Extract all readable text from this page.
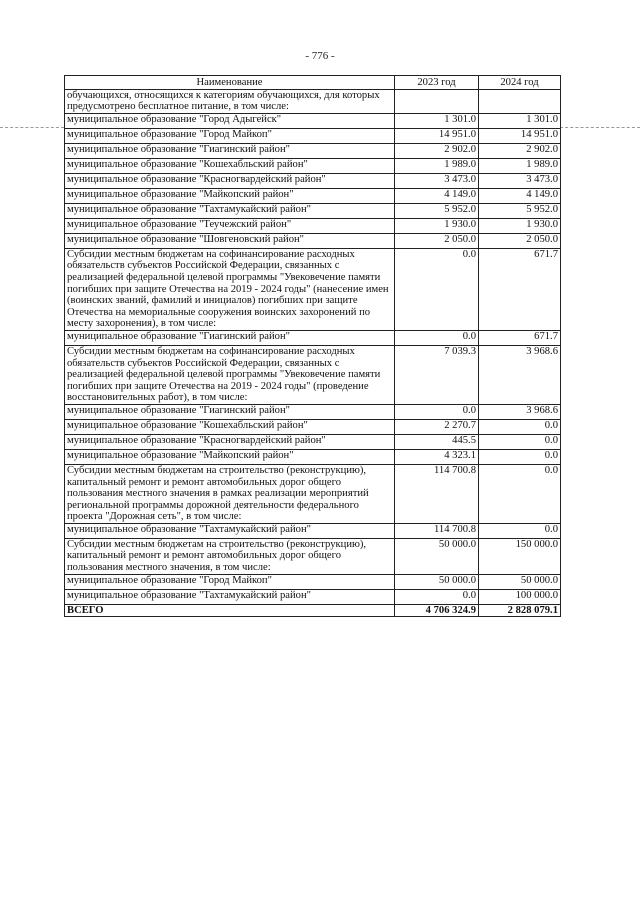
- 776 -
Наименование	2023 год	2024 год
обучающихся, относящихся к категориям обучающихся, для которых предусмотрено бесплатное питание, в том числе:		
муниципальное образование "Город Адыгейск"	1 301.0	1 301.0
муниципальное образование "Город Майкоп"	14 951.0	14 951.0
муниципальное образование "Гиагинский район"	2 902.0	2 902.0
муниципальное образование "Кошехабльский район"	1 989.0	1 989.0
муниципальное образование "Красногвардейский район"	3 473.0	3 473.0
муниципальное образование "Майкопский район"	4 149.0	4 149.0
муниципальное образование "Тахтамукайский район"	5 952.0	5 952.0
муниципальное образование "Теучежский район"	1 930.0	1 930.0
муниципальное образование "Шовгеновский район"	2 050.0	2 050.0
Субсидии местным бюджетам на софинансирование расходных обязательств субъектов Российской Федерации, связанных с реализацией федеральной целевой программы "Увековечение памяти погибших при защите Отечества на 2019 - 2024 годы" (нанесение имен (воинских званий, фамилий и инициалов) погибших при защите Отечества на мемориальные сооружения воинских захоронений по месту захоронения), в том числе:	0.0	671.7
муниципальное образование "Гиагинский район"	0.0	671.7
Субсидии местным бюджетам на софинансирование расходных обязательств субъектов Российской Федерации, связанных с реализацией федеральной целевой программы "Увековечение памяти погибших при защите Отечества на 2019 - 2024 годы" (проведение восстановительных работ), в том числе:	7 039.3	3 968.6
муниципальное образование "Гиагинский район"	0.0	3 968.6
муниципальное образование "Кошехабльский район"	2 270.7	0.0
муниципальное образование "Красногвардейский район"	445.5	0.0
муниципальное образование "Майкопский район"	4 323.1	0.0
Субсидии местным бюджетам на строительство (реконструкцию), капитальный ремонт и ремонт автомобильных дорог общего пользования местного значения в рамках реализации мероприятий региональной программы дорожной деятельности федерального проекта "Дорожная сеть", в том числе:	114 700.8	0.0
муниципальное образование "Тахтамукайский район"	114 700.8	0.0
Субсидии местным бюджетам на строительство (реконструкцию), капитальный ремонт и ремонт автомобильных дорог общего пользования местного значения, в том числе:	50 000.0	150 000.0
муниципальное образование "Город Майкоп"	50 000.0	50 000.0
муниципальное образование "Тахтамукайский район"	0.0	100 000.0
ВСЕГО	4 706 324.9	2 828 079.1
